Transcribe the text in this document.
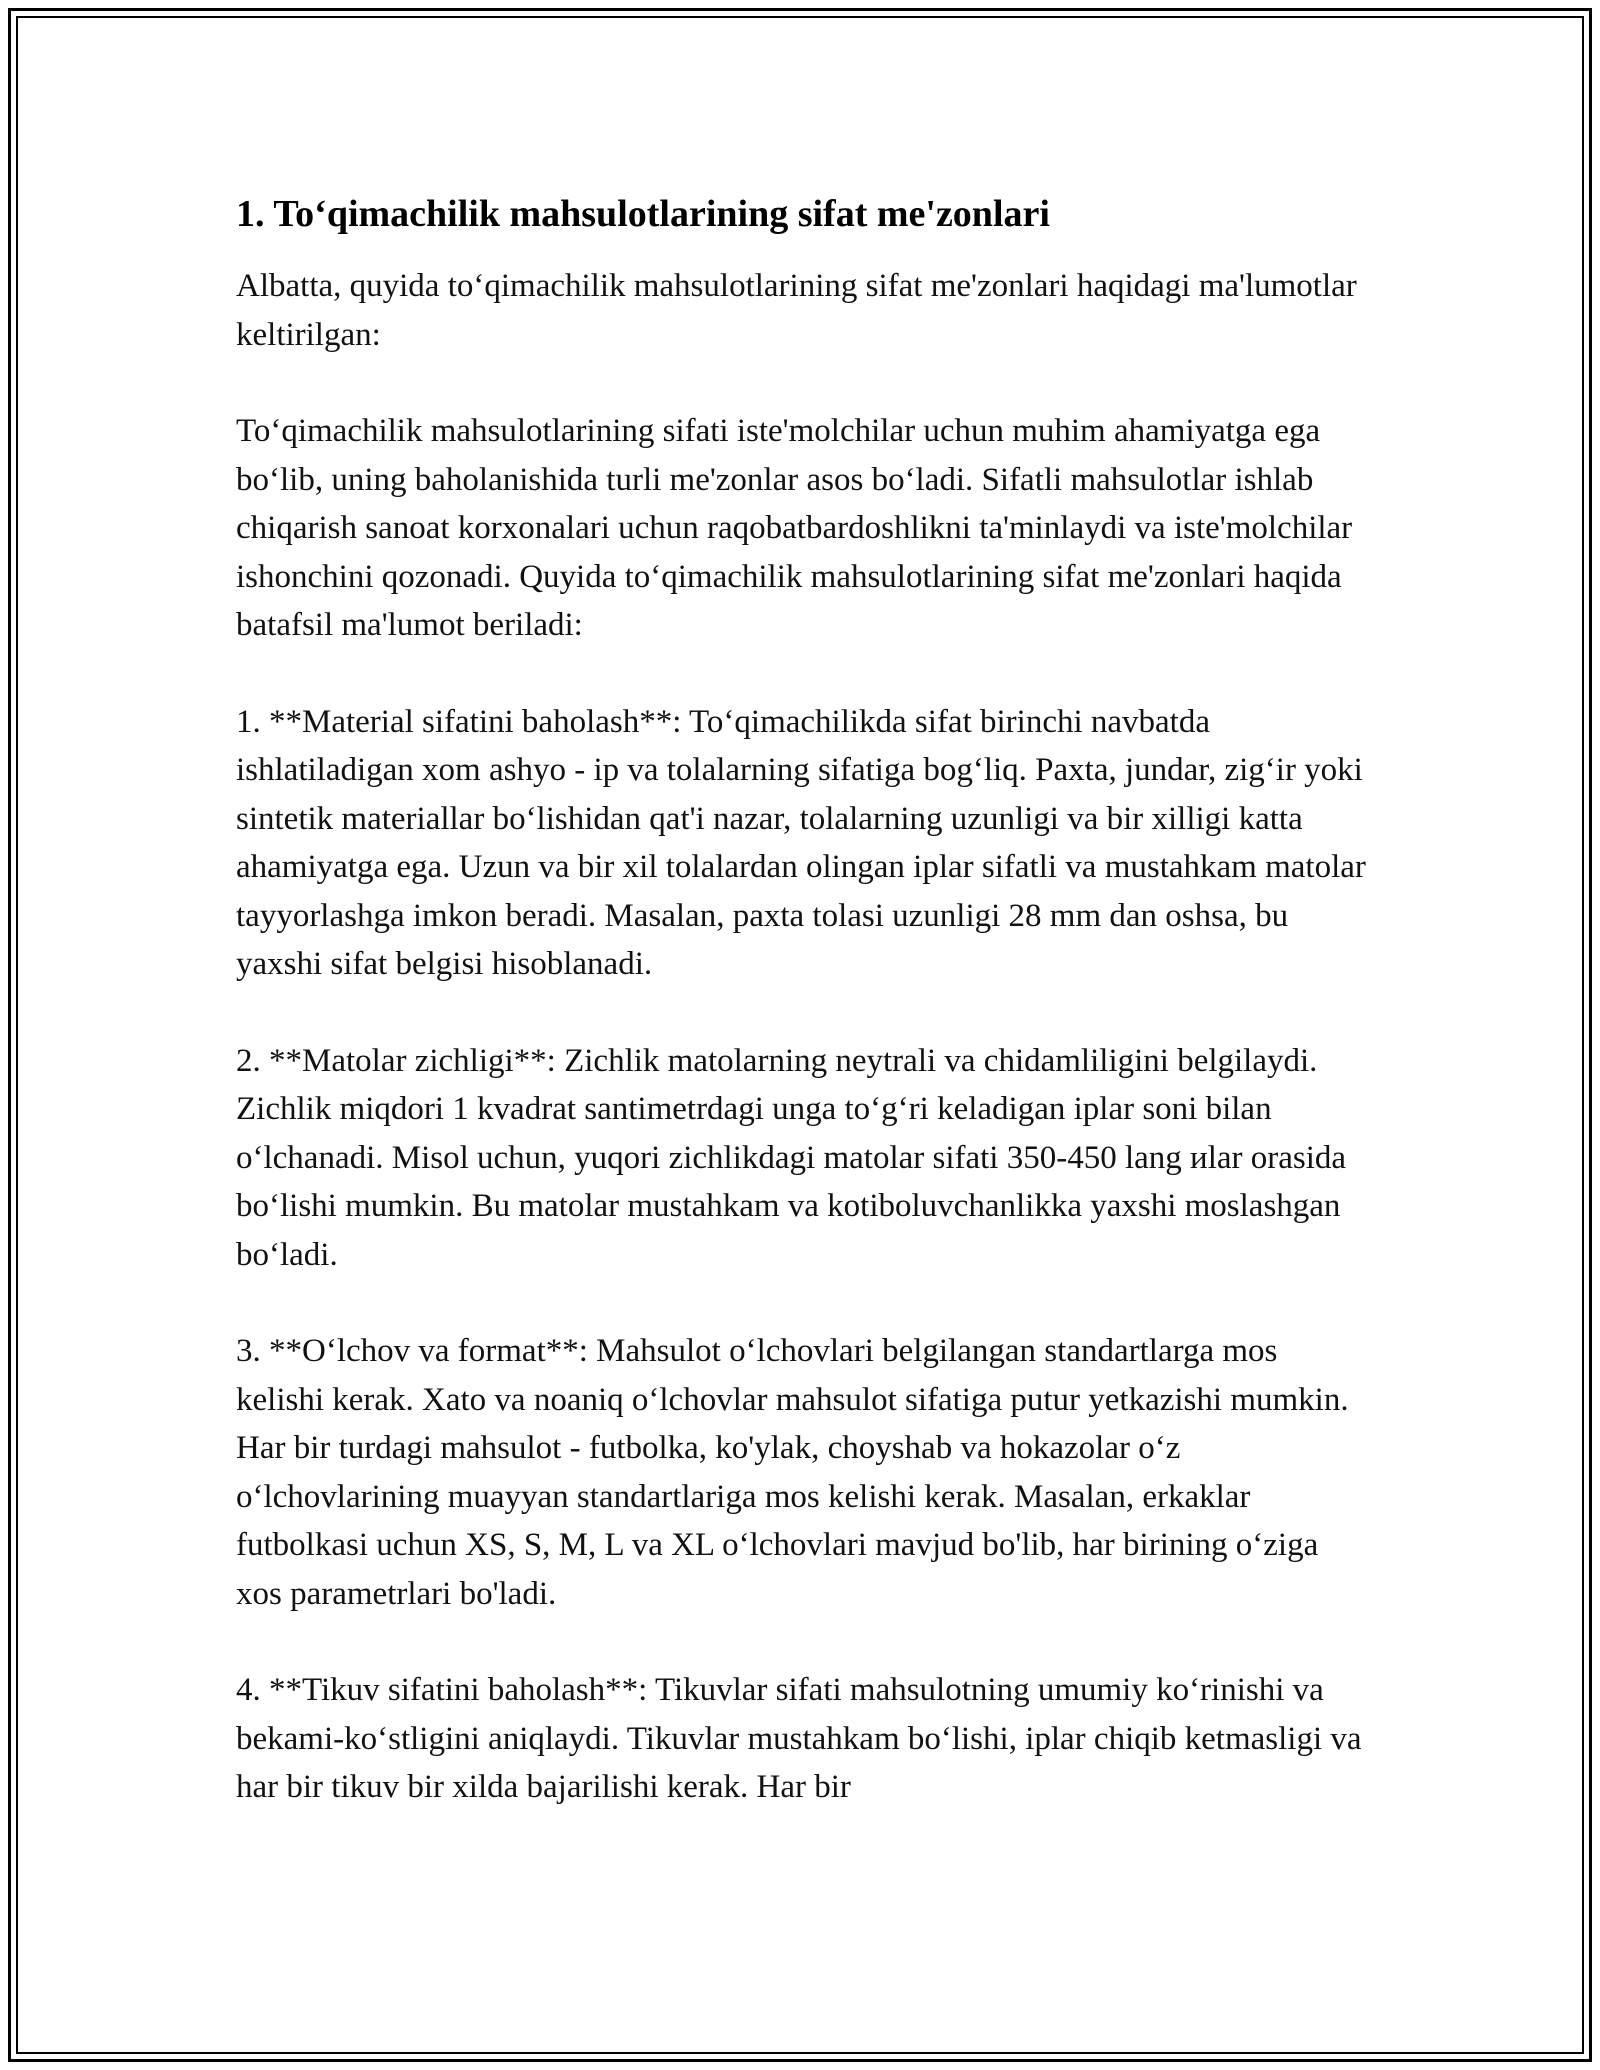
1. To‘qimachilik mahsulotlarining sifat me'zonlari

Albatta, quyida to‘qimachilik mahsulotlarining sifat me'zonlari haqidagi ma'lumotlar keltirilgan:

To‘qimachilik mahsulotlarining sifati iste'molchilar uchun muhim ahamiyatga ega bo‘lib, uning baholanishida turli me'zonlar asos bo‘ladi. Sifatli mahsulotlar ishlab chiqarish sanoat korxonalari uchun raqobatbardoshlikni ta'minlaydi va iste'molchilar ishonchini qozonadi. Quyida to‘qimachilik mahsulotlarining sifat me'zonlari haqida batafsil ma'lumot beriladi:

1. **Material sifatini baholash**: To‘qimachilikda sifat birinchi navbatda ishlatiladigan xom ashyo - ip va tolalarning sifatiga bog‘liq. Paxta, jundar, zig‘ir yoki sintetik materiallar bo‘lishidan qat'i nazar, tolalarning uzunligi va bir xilligi katta ahamiyatga ega. Uzun va bir xil tolalardan olingan iplar sifatli va mustahkam matolar tayyorlashga imkon beradi. Masalan, paxta tolasi uzunligi 28 mm dan oshsa, bu yaxshi sifat belgisi hisoblanadi.

2. **Matolar zichligi**: Zichlik matolarning neytrali va chidamliligini belgilaydi. Zichlik miqdori 1 kvadrat santimetrdagi unga to‘g‘ri keladigan iplar soni bilan o‘lchanadi. Misol uchun, yuqori zichlikdagi matolar sifati 350-450 lang иlar orasida bo‘lishi mumkin. Bu matolar mustahkam va kotiboluvchanlikka yaxshi moslashgan bo‘ladi.

3. **O‘lchov va format**: Mahsulot o‘lchovlari belgilangan standartlarga mos kelishi kerak. Xato va noaniq o‘lchovlar mahsulot sifatiga putur yetkazishi mumkin. Har bir turdagi mahsulot - futbolka, ko'ylak, choyshab va hokazolar o‘z o‘lchovlarining muayyan standartlariga mos kelishi kerak. Masalan, erkaklar futbolkasi uchun XS, S, M, L va XL o‘lchovlari mavjud bo'lib, har birining o‘ziga xos parametrlari bo'ladi.

4. **Tikuv sifatini baholash**: Tikuvlar sifati mahsulotning umumiy ko‘rinishi va bekami-ko‘stligini aniqlaydi. Tikuvlar mustahkam bo‘lishi, iplar chiqib ketmasligi va har bir tikuv bir xilda bajarilishi kerak. Har bir
